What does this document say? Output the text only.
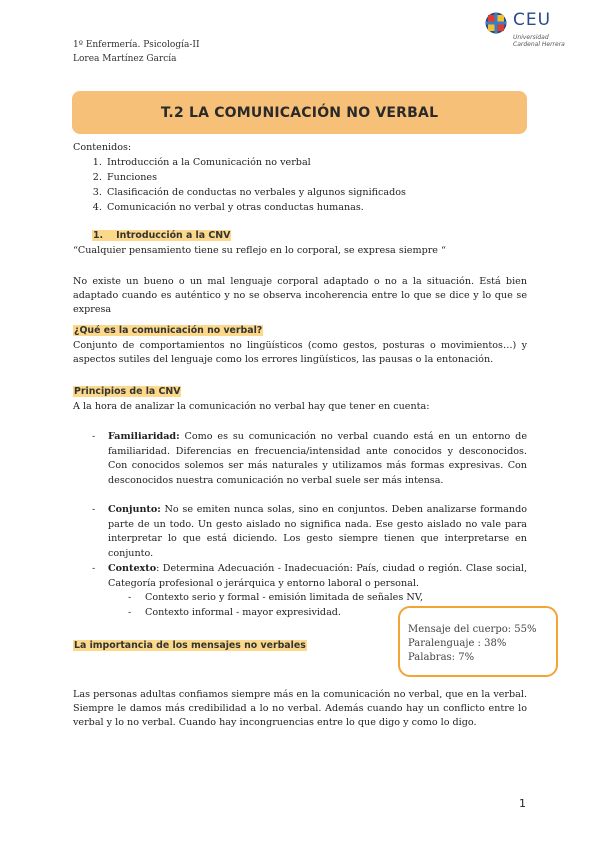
1º Enfermería. Psicología-II
Lorea Martínez García
CEU
Universidad
Cardenal Herrera
T.2 LA COMUNICACIÓN NO VERBAL
Contenidos:
1. Introducción a la Comunicación no verbal
2. Funciones
3. Clasificación de conductas no verbales y algunos significados
4. Comunicación no verbal y otras conductas humanas.
1. Introducción a la CNV
“Cualquier pensamiento tiene su reflejo en lo corporal, se expresa siempre “
No existe un bueno o un mal lenguaje corporal adaptado o no a la situación. Está bien adaptado cuando es auténtico y no se observa incoherencia entre lo que se dice y lo que se expresa
¿Qué es la comunicación no verbal?
Conjunto de comportamientos no lingüísticos (como gestos, posturas o movimientos…) y aspectos sutiles del lenguaje como los errores lingüísticos, las pausas o la entonación.
Principios de la CNV
A la hora de analizar la comunicación no verbal hay que tener en cuenta:
- Familiaridad: Como es su comunicación no verbal cuando está en un entorno de familiaridad. Diferencias en frecuencia/intensidad ante conocidos y desconocidos. Con conocidos solemos ser más naturales y utilizamos más formas expresivas. Con desconocidos nuestra comunicación no verbal suele ser más intensa.
- Conjunto: No se emiten nunca solas, sino en conjuntos. Deben analizarse formando parte de un todo. Un gesto aislado no significa nada. Ese gesto aislado no vale para interpretar lo que está diciendo. Los gesto siempre tienen que interpretarse en conjunto.
- Contexto: Determina Adecuación - Inadecuación: País, ciudad o región. Clase social, Categoría profesional o jerárquica y entorno laboral o personal.
- Contexto serio y formal - emisión limitada de señales NV,
- Contexto informal - mayor expresividad.
Mensaje del cuerpo: 55%
Paralenguaje : 38%
Palabras: 7%
La importancia de los mensajes no verbales
Las personas adultas confiamos siempre más en la comunicación no verbal, que en la verbal. Siempre le damos más credibilidad a lo no verbal. Además cuando hay un conflicto entre lo verbal y lo no verbal. Cuando hay incongruencias entre lo que digo y como lo digo.
1
